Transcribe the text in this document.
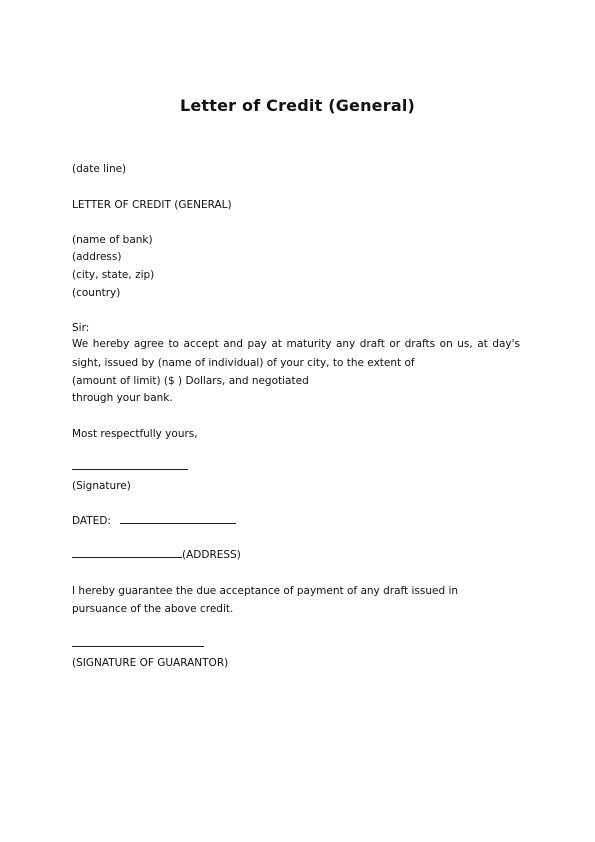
Letter of Credit (General)
(date line)
LETTER OF CREDIT (GENERAL)
(name of bank)
(address)
(city, state, zip)
(country)
Sir:
We hereby agree to accept and pay at maturity any draft or drafts on us, at day's
sight, issued by (name of individual) of your city, to the extent of
(amount of limit) ($ ) Dollars, and negotiated
through your bank.
Most respectfully yours,
(Signature)
DATED:
(ADDRESS)
I hereby guarantee the due acceptance of payment of any draft issued in
pursuance of the above credit.
(SIGNATURE OF GUARANTOR)
